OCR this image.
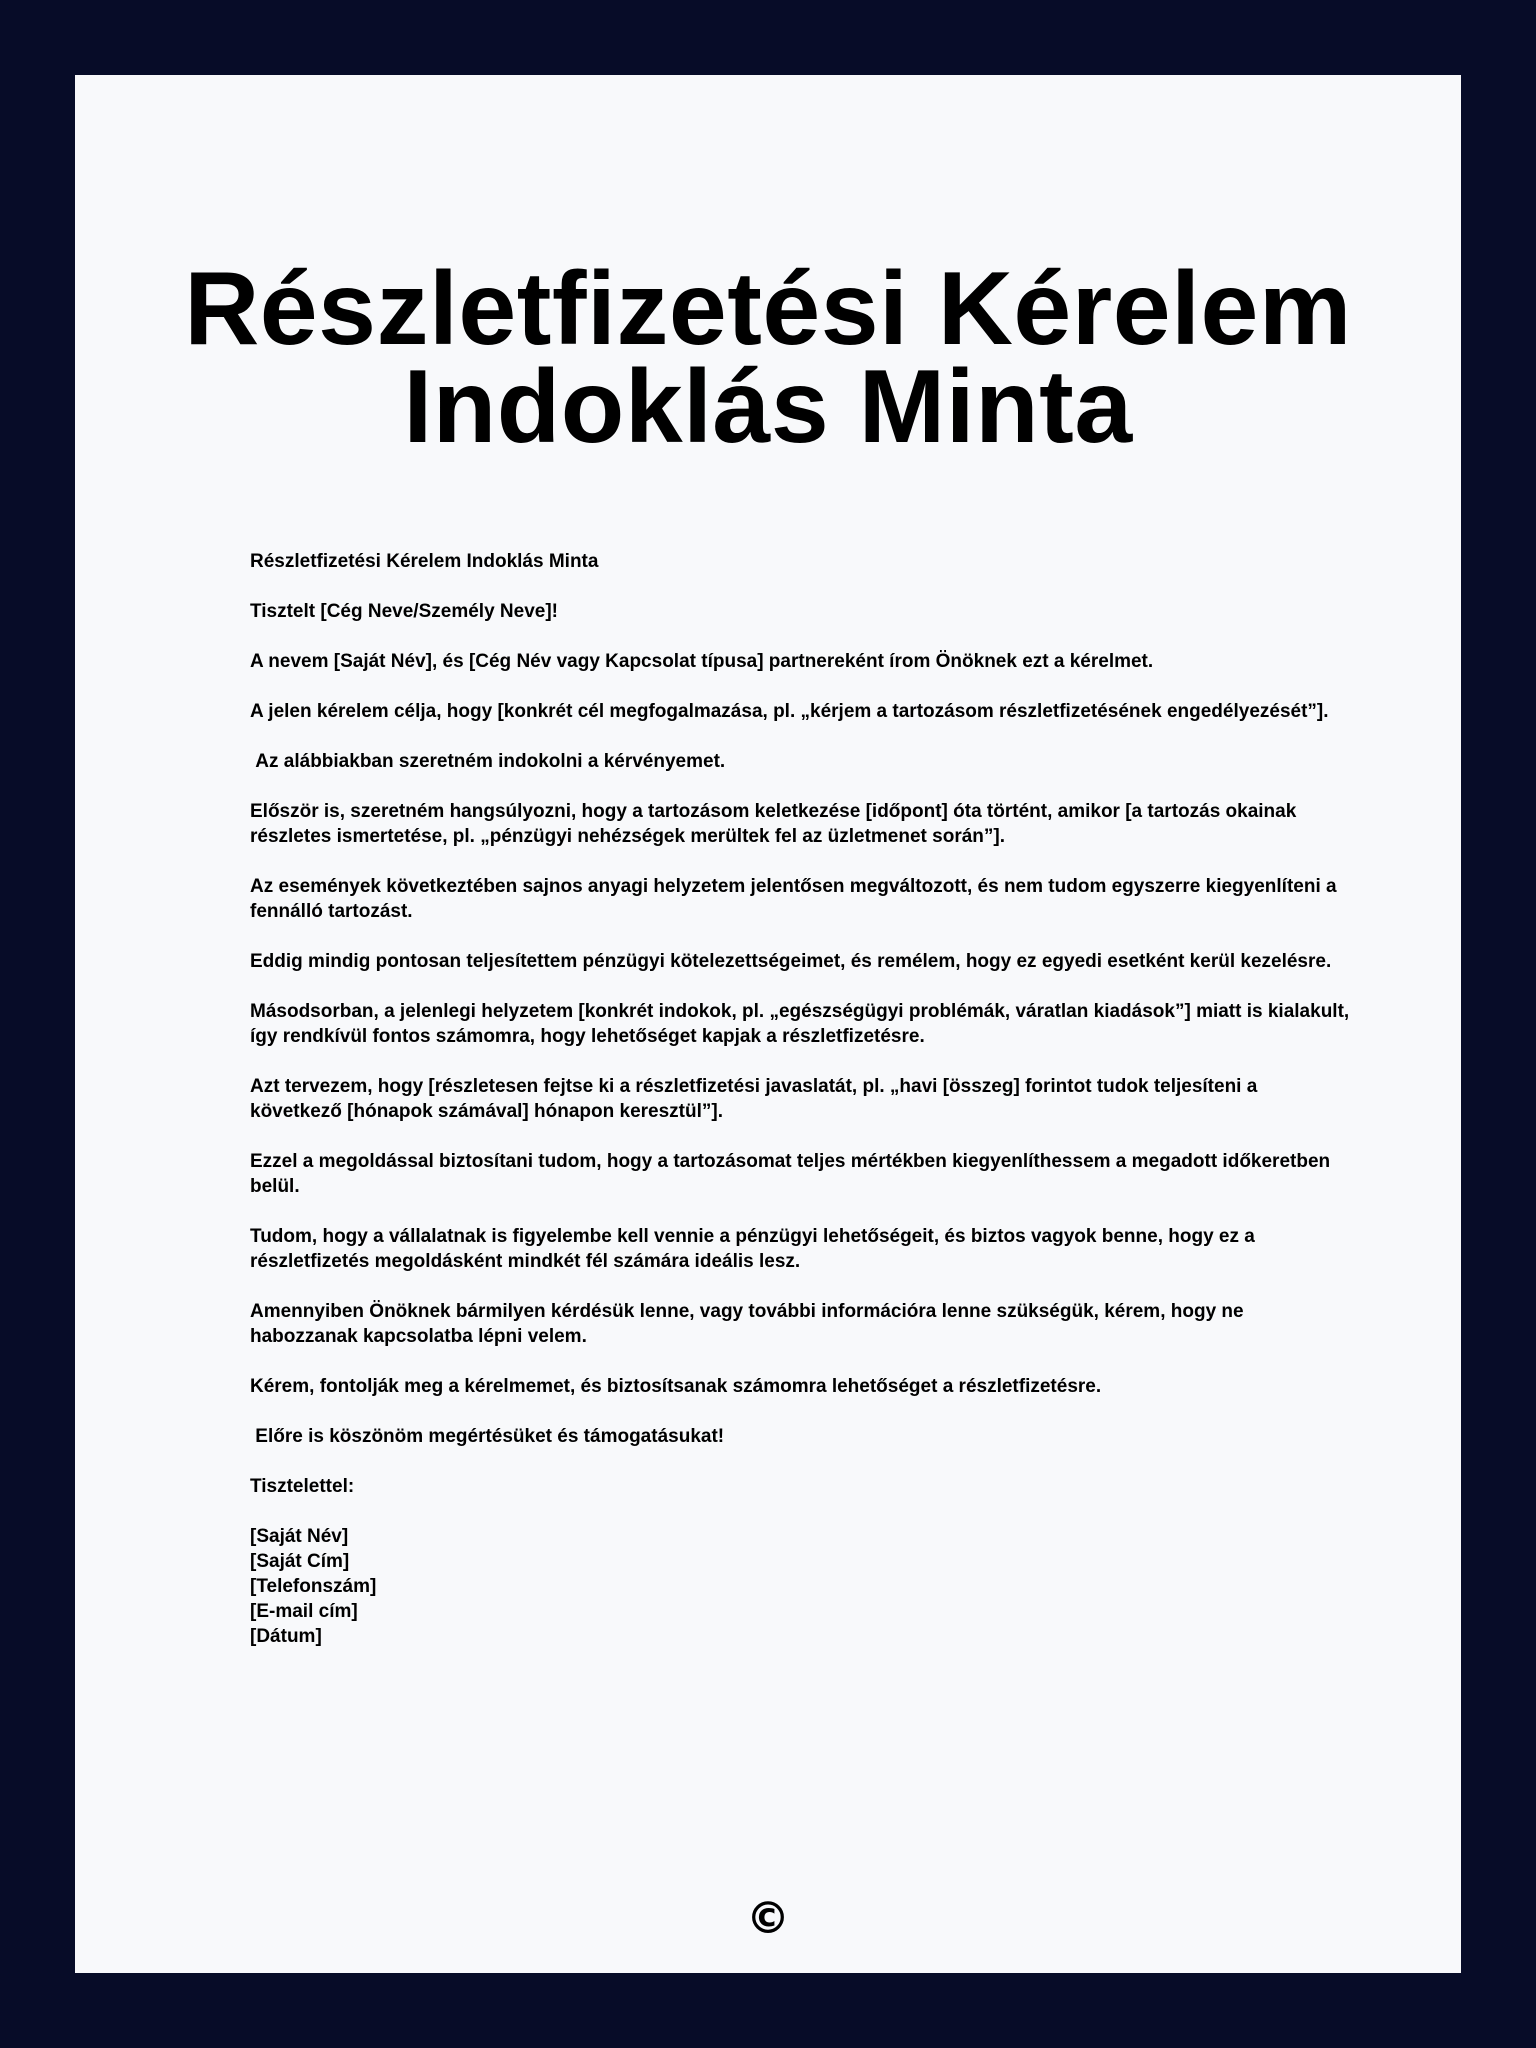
Részletfizetési Kérelem
Indoklás Minta

Részletfizetési Kérelem Indoklás Minta

Tisztelt [Cég Neve/Személy Neve]!

A nevem [Saját Név], és [Cég Név vagy Kapcsolat típusa] partnereként írom Önöknek ezt a kérelmet.

A jelen kérelem célja, hogy [konkrét cél megfogalmazása, pl. „kérjem a tartozásom részletfizetésének engedélyezését”].

Az alábbiakban szeretném indokolni a kérvényemet.

Először is, szeretném hangsúlyozni, hogy a tartozásom keletkezése [időpont] óta történt, amikor [a tartozás okainak részletes ismertetése, pl. „pénzügyi nehézségek merültek fel az üzletmenet során”].

Az események következtében sajnos anyagi helyzetem jelentősen megváltozott, és nem tudom egyszerre kiegyenlíteni a fennálló tartozást.

Eddig mindig pontosan teljesítettem pénzügyi kötelezettségeimet, és remélem, hogy ez egyedi esetként kerül kezelésre.

Másodsorban, a jelenlegi helyzetem [konkrét indokok, pl. „egészségügyi problémák, váratlan kiadások”] miatt is kialakult, így rendkívül fontos számomra, hogy lehetőséget kapjak a részletfizetésre.

Azt tervezem, hogy [részletesen fejtse ki a részletfizetési javaslatát, pl. „havi [összeg] forintot tudok teljesíteni a következő [hónapok számával] hónapon keresztül”].

Ezzel a megoldással biztosítani tudom, hogy a tartozásomat teljes mértékben kiegyenlíthessem a megadott időkeretben belül.

Tudom, hogy a vállalatnak is figyelembe kell vennie a pénzügyi lehetőségeit, és biztos vagyok benne, hogy ez a részletfizetés megoldásként mindkét fél számára ideális lesz.

Amennyiben Önöknek bármilyen kérdésük lenne, vagy további információra lenne szükségük, kérem, hogy ne habozzanak kapcsolatba lépni velem.

Kérem, fontolják meg a kérelmemet, és biztosítsanak számomra lehetőséget a részletfizetésre.

Előre is köszönöm megértésüket és támogatásukat!

Tisztelettel:

[Saját Név]
[Saját Cím]
[Telefonszám]
[E-mail cím]
[Dátum]
©
